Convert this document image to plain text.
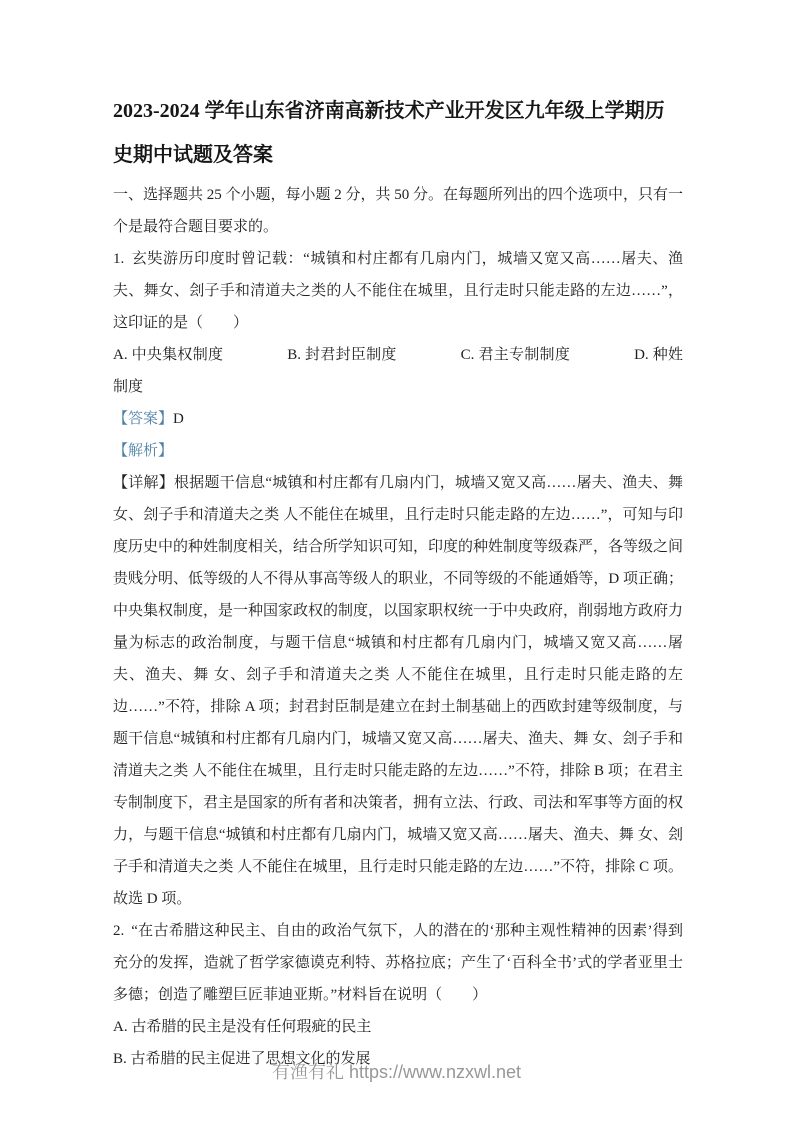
2023-2024 学年山东省济南高新技术产业开发区九年级上学期历史期中试题及答案

一、选择题共 25 个小题，每小题 2 分，共 50 分。在每题所列出的四个选项中，只有一个是最符合题目要求的。

1. 玄奘游历印度时曾记载：“城镇和村庄都有几扇内门，城墙又宽又高……屠夫、渔夫、舞女、刽子手和清道夫之类的人不能住在城里，且行走时只能走路的左边……”，这印证的是（　　）

A. 中央集权制度	B. 封君封臣制度	C. 君主专制制度	D. 种姓制度

【答案】D

【解析】

【详解】根据题干信息“城镇和村庄都有几扇内门，城墙又宽又高……屠夫、渔夫、舞 女、刽子手和清道夫之类 人不能住在城里，且行走时只能走路的左边……”，可知与印度历史中的种姓制度相关，结合所学知识可知，印度的种姓制度等级森严，各等级之间贵贱分明、低等级的人不得从事高等级人的职业，不同等级的不能通婚等，D 项正确；中央集权制度，是一种国家政权的制度，以国家职权统一于中央政府，削弱地方政府力量为标志的政治制度，与题干信息“城镇和村庄都有几扇内门，城墙又宽又高……屠夫、渔夫、舞 女、刽子手和清道夫之类 人不能住在城里，且行走时只能走路的左边……”不符，排除 A 项；封君封臣制是建立在封土制基础上的西欧封建等级制度，与题干信息“城镇和村庄都有几扇内门，城墙又宽又高……屠夫、渔夫、舞 女、刽子手和清道夫之类 人不能住在城里，且行走时只能走路的左边……”不符，排除 B 项；在君主专制制度下，君主是国家的所有者和决策者，拥有立法、行政、司法和军事等方面的权力，与题干信息“城镇和村庄都有几扇内门，城墙又宽又高……屠夫、渔夫、舞 女、刽子手和清道夫之类 人不能住在城里，且行走时只能走路的左边……”不符，排除 C 项。故选 D 项。

2. “在古希腊这种民主、自由的政治气氛下，人的潜在的‘那种主观性精神的因素’得到充分的发挥，造就了哲学家德谟克利特、苏格拉底；产生了‘百科全书’式的学者亚里士多德；创造了雕塑巨匠菲迪亚斯。”材料旨在说明（　　）

A. 古希腊的民主是没有任何瑕疵的民主

B. 古希腊的民主促进了思想文化的发展

有渔有礼 https://www.nzxwl.net
